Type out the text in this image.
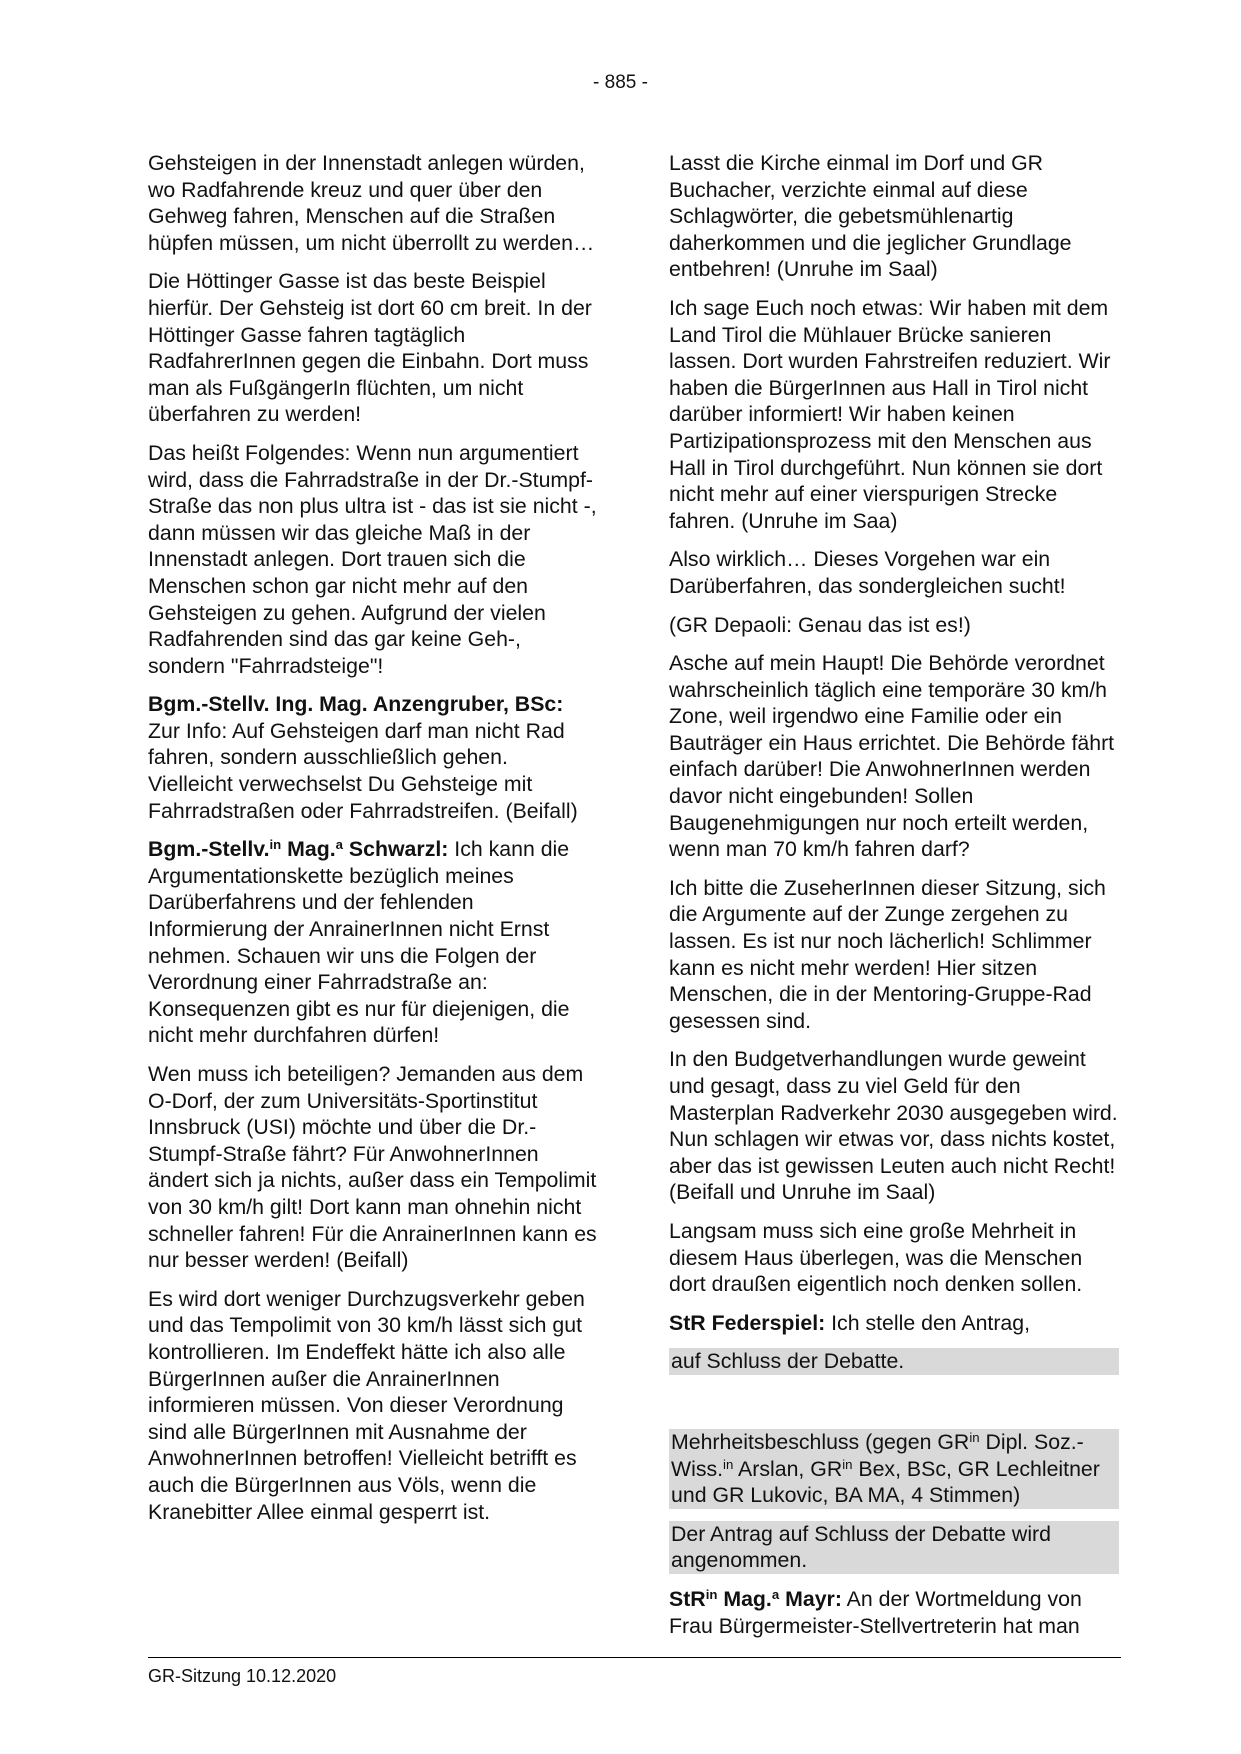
- 885 -

Gehsteigen in der Innenstadt anlegen würden, wo Radfahrende kreuz und quer über den Gehweg fahren, Menschen auf die Straßen hüpfen müssen, um nicht überrollt zu werden…

Die Höttinger Gasse ist das beste Beispiel hierfür. Der Gehsteig ist dort 60 cm breit. In der Höttinger Gasse fahren tagtäglich RadfahrerInnen gegen die Einbahn. Dort muss man als FußgängerIn flüchten, um nicht überfahren zu werden!

Das heißt Folgendes: Wenn nun argumentiert wird, dass die Fahrradstraße in der Dr.-Stumpf-Straße das non plus ultra ist - das ist sie nicht -, dann müssen wir das gleiche Maß in der Innenstadt anlegen. Dort trauen sich die Menschen schon gar nicht mehr auf den Gehsteigen zu gehen. Aufgrund der vielen Radfahrenden sind das gar keine Geh-, sondern "Fahrradsteige"!

Bgm.-Stellv. Ing. Mag. Anzengruber, BSc: Zur Info: Auf Gehsteigen darf man nicht Rad fahren, sondern ausschließlich gehen. Vielleicht verwechselst Du Gehsteige mit Fahrradstraßen oder Fahrradstreifen. (Beifall)

Bgm.-Stellv.$^{in}$ Mag.$^a$ Schwarzl: Ich kann die Argumentationskette bezüglich meines Darüberfahrens und der fehlenden Informierung der AnrainerInnen nicht Ernst nehmen. Schauen wir uns die Folgen der Verordnung einer Fahrradstraße an: Konsequenzen gibt es nur für diejenigen, die nicht mehr durchfahren dürfen!

Wen muss ich beteiligen? Jemanden aus dem O-Dorf, der zum Universitäts-Sportinstitut Innsbruck (USI) möchte und über die Dr.-Stumpf-Straße fährt? Für AnwohnerInnen ändert sich ja nichts, außer dass ein Tempolimit von 30 km/h gilt! Dort kann man ohnehin nicht schneller fahren! Für die AnrainerInnen kann es nur besser werden! (Beifall)

Es wird dort weniger Durchzugsverkehr geben und das Tempolimit von 30 km/h lässt sich gut kontrollieren. Im Endeffekt hätte ich also alle BürgerInnen außer die AnrainerInnen informieren müssen. Von dieser Verordnung sind alle BürgerInnen mit Ausnahme der AnwohnerInnen betroffen! Vielleicht betrifft es auch die BürgerInnen aus Völs, wenn die Kranebitter Allee einmal gesperrt ist.

Lasst die Kirche einmal im Dorf und GR Buchacher, verzichte einmal auf diese Schlagwörter, die gebetsmühlenartig daherkommen und die jeglicher Grundlage entbehren! (Unruhe im Saal)

Ich sage Euch noch etwas: Wir haben mit dem Land Tirol die Mühlauer Brücke sanieren lassen. Dort wurden Fahrstreifen reduziert. Wir haben die BürgerInnen aus Hall in Tirol nicht darüber informiert! Wir haben keinen Partizipationsprozess mit den Menschen aus Hall in Tirol durchgeführt. Nun können sie dort nicht mehr auf einer vierspurigen Strecke fahren. (Unruhe im Saa)

Also wirklich… Dieses Vorgehen war ein Darüberfahren, das sondergleichen sucht!

(GR Depaoli: Genau das ist es!)

Asche auf mein Haupt! Die Behörde verordnet wahrscheinlich täglich eine temporäre 30 km/h Zone, weil irgendwo eine Familie oder ein Bauträger ein Haus errichtet. Die Behörde fährt einfach darüber! Die AnwohnerInnen werden davor nicht eingebunden! Sollen Baugenehmigungen nur noch erteilt werden, wenn man 70 km/h fahren darf?

Ich bitte die ZuseherInnen dieser Sitzung, sich die Argumente auf der Zunge zergehen zu lassen. Es ist nur noch lächerlich! Schlimmer kann es nicht mehr werden! Hier sitzen Menschen, die in der Mentoring-Gruppe-Rad gesessen sind.

In den Budgetverhandlungen wurde geweint und gesagt, dass zu viel Geld für den Masterplan Radverkehr 2030 ausgegeben wird. Nun schlagen wir etwas vor, dass nichts kostet, aber das ist gewissen Leuten auch nicht Recht! (Beifall und Unruhe im Saal)

Langsam muss sich eine große Mehrheit in diesem Haus überlegen, was die Menschen dort draußen eigentlich noch denken sollen.

StR Federspiel: Ich stelle den Antrag,

auf Schluss der Debatte.

Mehrheitsbeschluss (gegen $GR^{in}$ Dipl. Soz.-Wiss.$^{in}$ Arslan, $GR^{in}$ Bex, BSc, GR Lechleitner und GR Lukovic, BA MA, 4 Stimmen)

Der Antrag auf Schluss der Debatte wird angenommen.

StR$^{in}$ Mag.$^a$ Mayr: An der Wortmeldung von Frau Bürgermeister-Stellvertreterin hat man

GR-Sitzung 10.12.2020
